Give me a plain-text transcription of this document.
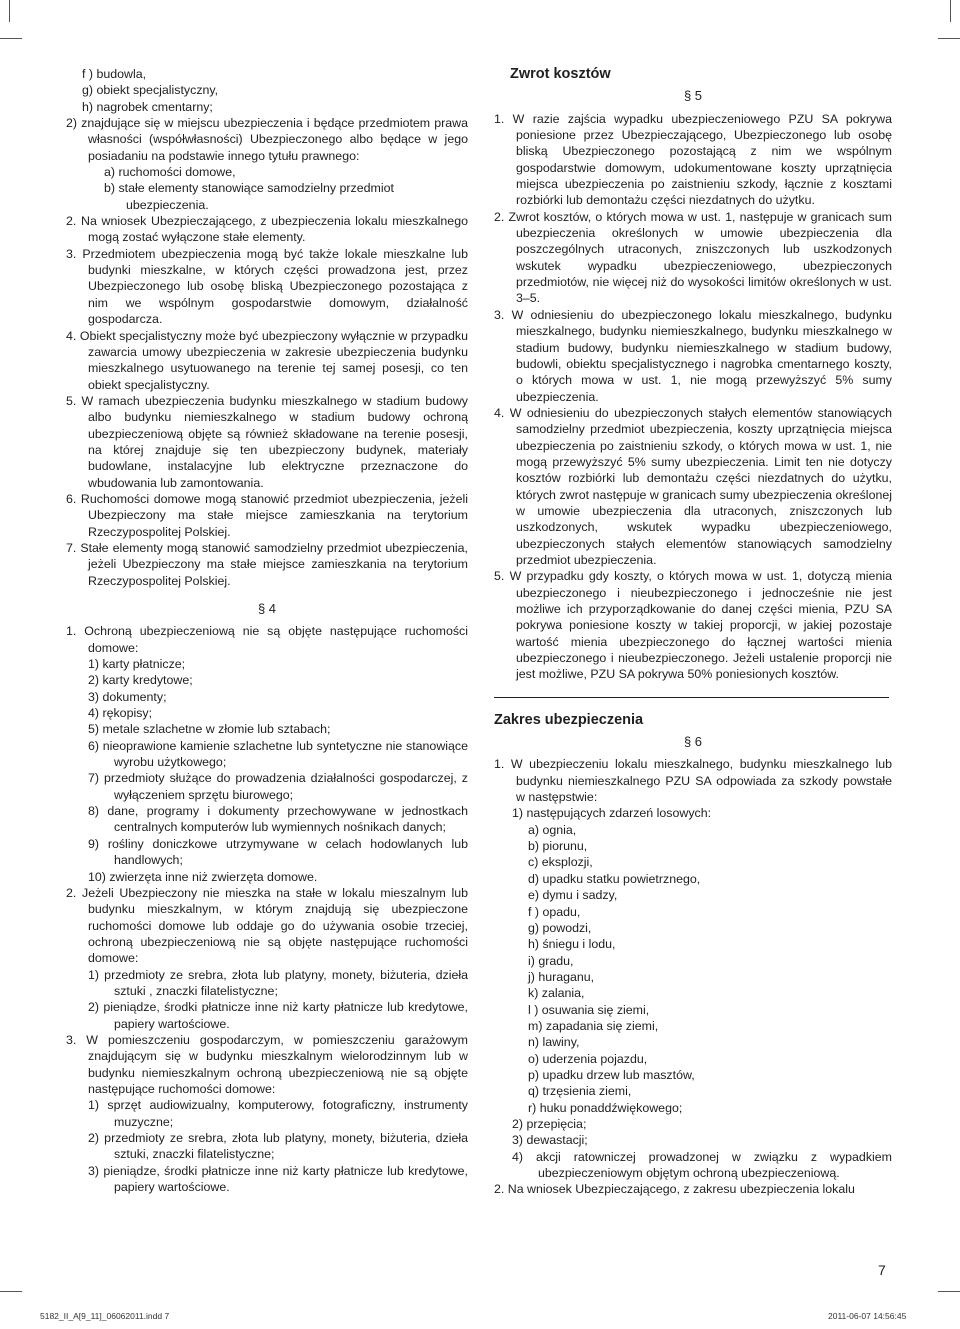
f ) budowla,
g) obiekt specjalistyczny,
h) nagrobek cmentarny;
2) znajdujące się w miejscu ubezpieczenia i będące przedmiotem prawa własności (współwłasności) Ubezpieczonego albo będące w jego posiadaniu na podstawie innego tytułu prawnego:
a) ruchomości domowe,
b) stałe elementy stanowiące samodzielny przedmiot ubezpieczenia.
2. Na wniosek Ubezpieczającego, z ubezpieczenia lokalu mieszkalnego mogą zostać wyłączone stałe elementy.
3. Przedmiotem ubezpieczenia mogą być także lokale mieszkalne lub budynki mieszkalne, w których części prowadzona jest, przez Ubezpieczonego lub osobę bliską Ubezpieczonego pozostająca z nim we wspólnym gospodarstwie domowym, działalność gospodarcza.
4. Obiekt specjalistyczny może być ubezpieczony wyłącznie w przypadku zawarcia umowy ubezpieczenia w zakresie ubezpieczenia budynku mieszkalnego usytuowanego na terenie tej samej posesji, co ten obiekt specjalistyczny.
5. W ramach ubezpieczenia budynku mieszkalnego w stadium budowy albo budynku niemieszkalnego w stadium budowy ochroną ubezpieczeniową objęte są również składowane na terenie posesji, na której znajduje się ten ubezpieczony budynek, materiały budowlane, instalacyjne lub elektryczne przeznaczone do wbudowania lub zamontowania.
6. Ruchomości domowe mogą stanowić przedmiot ubezpieczenia, jeżeli Ubezpieczony ma stałe miejsce zamieszkania na terytorium Rzeczypospolitej Polskiej.
7. Stałe elementy mogą stanowić samodzielny przedmiot ubezpieczenia, jeżeli Ubezpieczony ma stałe miejsce zamieszkania na terytorium Rzeczypospolitej Polskiej.
§ 4
1. Ochroną ubezpieczeniową nie są objęte następujące ruchomości domowe:
1) karty płatnicze;
2) karty kredytowe;
3) dokumenty;
4) rękopisy;
5) metale szlachetne w złomie lub sztabach;
6) nieoprawione kamienie szlachetne lub syntetyczne nie stanowiące wyrobu użytkowego;
7) przedmioty służące do prowadzenia działalności gospodarczej, z wyłączeniem sprzętu biurowego;
8) dane, programy i dokumenty przechowywane w jednostkach centralnych komputerów lub wymiennych nośnikach danych;
9) rośliny doniczkowe utrzymywane w celach hodowlanych lub handlowych;
10) zwierzęta inne niż zwierzęta domowe.
2. Jeżeli Ubezpieczony nie mieszka na stałe w lokalu mieszalnym lub budynku mieszkalnym, w którym znajdują się ubezpieczone ruchomości domowe lub oddaje go do używania osobie trzeciej, ochroną ubezpieczeniową nie są objęte następujące ruchomości domowe:
1) przedmioty ze srebra, złota lub platyny, monety, biżuteria, dzieła sztuki , znaczki filatelistyczne;
2) pieniądze, środki płatnicze inne niż karty płatnicze lub kredytowe, papiery wartościowe.
3. W pomieszczeniu gospodarczym, w pomieszczeniu garażowym znajdującym się w budynku mieszkalnym wielorodzinnym lub w budynku niemieszkalnym ochroną ubezpieczeniową nie są objęte następujące ruchomości domowe:
1) sprzęt audiowizualny, komputerowy, fotograficzny, instrumenty muzyczne;
2) przedmioty ze srebra, złota lub platyny, monety, biżuteria, dzieła sztuki, znaczki filatelistyczne;
3) pieniądze, środki płatnicze inne niż karty płatnicze lub kredytowe, papiery wartościowe.
Zwrot kosztów
§ 5
1. W razie zajścia wypadku ubezpieczeniowego PZU SA pokrywa poniesione przez Ubezpieczającego, Ubezpieczonego lub osobę bliską Ubezpieczonego pozostającą z nim we wspólnym gospodarstwie domowym, udokumentowane koszty uprzątnięcia miejsca ubezpieczenia po zaistnieniu szkody, łącznie z kosztami rozbiórki lub demontażu części niezdatnych do użytku.
2. Zwrot kosztów, o których mowa w ust. 1, następuje w granicach sum ubezpieczenia określonych w umowie ubezpieczenia dla poszczególnych utraconych, zniszczonych lub uszkodzonych wskutek wypadku ubezpieczeniowego, ubezpieczonych przedmiotów, nie więcej niż do wysokości limitów określonych w ust. 3–5.
3. W odniesieniu do ubezpieczonego lokalu mieszkalnego, budynku mieszkalnego, budynku niemieszkalnego, budynku mieszkalnego w stadium budowy, budynku niemieszkalnego w stadium budowy, budowli, obiektu specjalistycznego i nagrobka cmentarnego koszty, o których mowa w ust. 1, nie mogą przewyższyć 5% sumy ubezpieczenia.
4. W odniesieniu do ubezpieczonych stałych elementów stanowiących samodzielny przedmiot ubezpieczenia, koszty uprzątnięcia miejsca ubezpieczenia po zaistnieniu szkody, o których mowa w ust. 1, nie mogą przewyższyć 5% sumy ubezpieczenia. Limit ten nie dotyczy kosztów rozbiórki lub demontażu części niezdatnych do użytku, których zwrot następuje w granicach sumy ubezpieczenia określonej w umowie ubezpieczenia dla utraconych, zniszczonych lub uszkodzonych, wskutek wypadku ubezpieczeniowego, ubezpieczonych stałych elementów stanowiących samodzielny przedmiot ubezpieczenia.
5. W przypadku gdy koszty, o których mowa w ust. 1, dotyczą mienia ubezpieczonego i nieubezpieczonego i jednocześnie nie jest możliwe ich przyporządkowanie do danej części mienia, PZU SA pokrywa poniesione koszty w takiej proporcji, w jakiej pozostaje wartość mienia ubezpieczonego do łącznej wartości mienia ubezpieczonego i nieubezpieczonego. Jeżeli ustalenie proporcji nie jest możliwe, PZU SA pokrywa 50% poniesionych kosztów.
Zakres ubezpieczenia
§ 6
1. W ubezpieczeniu lokalu mieszkalnego, budynku mieszkalnego lub budynku niemieszkalnego PZU SA odpowiada za szkody powstałe w następstwie:
1) następujących zdarzeń losowych:
a) ognia,
b) piorunu,
c) eksplozji,
d) upadku statku powietrznego,
e) dymu i sadzy,
f ) opadu,
g) powodzi,
h) śniegu i lodu,
i) gradu,
j) huraganu,
k) zalania,
l ) osuwania się ziemi,
m) zapadania się ziemi,
n) lawiny,
o) uderzenia pojazdu,
p) upadku drzew lub masztów,
q) trzęsienia ziemi,
r) huku ponaddźwiękowego;
2) przepięcia;
3) dewastacji;
4) akcji ratowniczej prowadzonej w związku z wypadkiem ubezpieczeniowym objętym ochroną ubezpieczeniową.
2. Na wniosek Ubezpieczającego, z zakresu ubezpieczenia lokalu
7
5182_II_A[9_11]_06062011.indd 7	2011-06-07 14:56:45
